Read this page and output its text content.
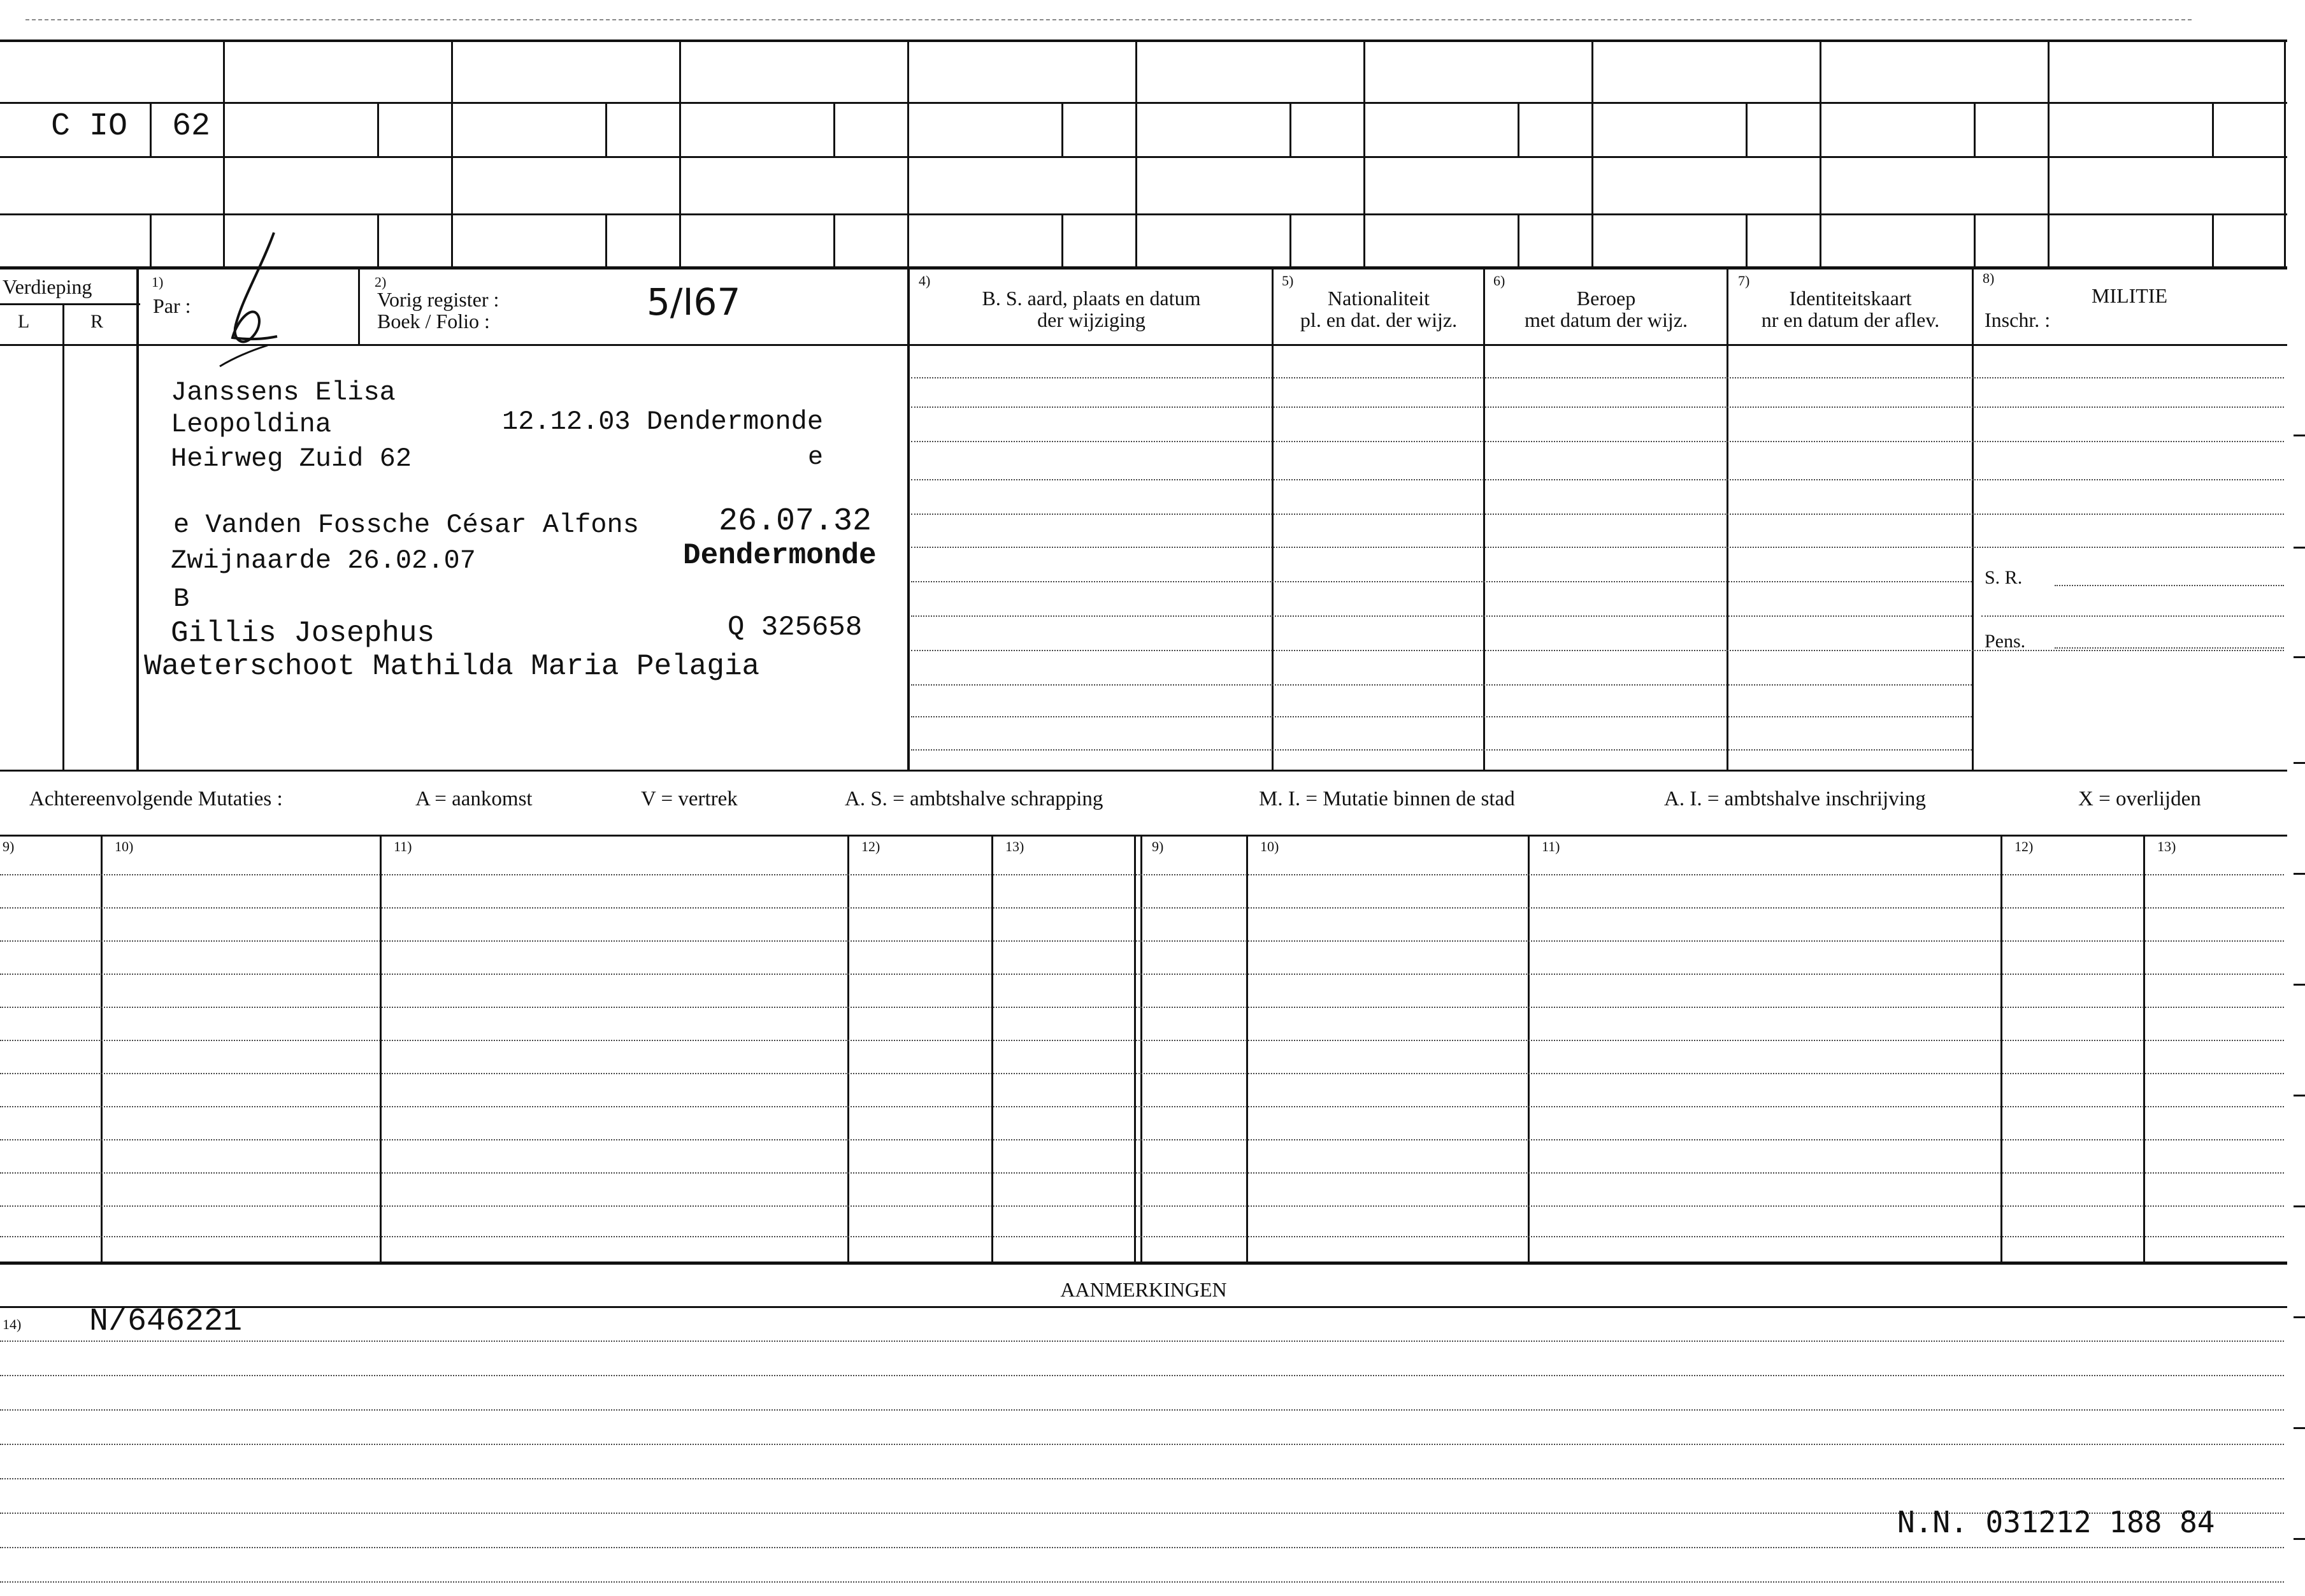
C IO 62
Verdieping
L	R
1)
Par :
2)
Vorig register :
Boek / Folio :	5/I67	4)
B. S. aard, plaats en datum
der wijziging
5)
Nationaliteit
pl. en dat. der wijz.
6)
Beroep
met datum der wijz.
7)
Identiteitskaart
nr en datum der aflev.
8)
MILITIE
Inschr. :
S. R.
Pens.
Janssens Elisa
Leopoldina	12.12.03 Dendermonde
Heirweg Zuid 62	e
e Vanden Fossche César Alfons	26.07.32
Zwijnaarde 26.02.07	Dendermonde
B
Gillis Josephus	Q 325658
Waeterschoot Mathilda Maria Pelagia
Achtereenvolgende Mutaties :	A = aankomst	V = vertrek	A. S. = ambtshalve schrapping	M. I. = Mutatie binnen de stad	A. I. = ambtshalve inschrijving	X = overlijden
9)	10)	11)	12)	13)	9)	10)	11)	12)	13)
AANMERKINGEN
14) N/646221
N.N. 031212 188 84
